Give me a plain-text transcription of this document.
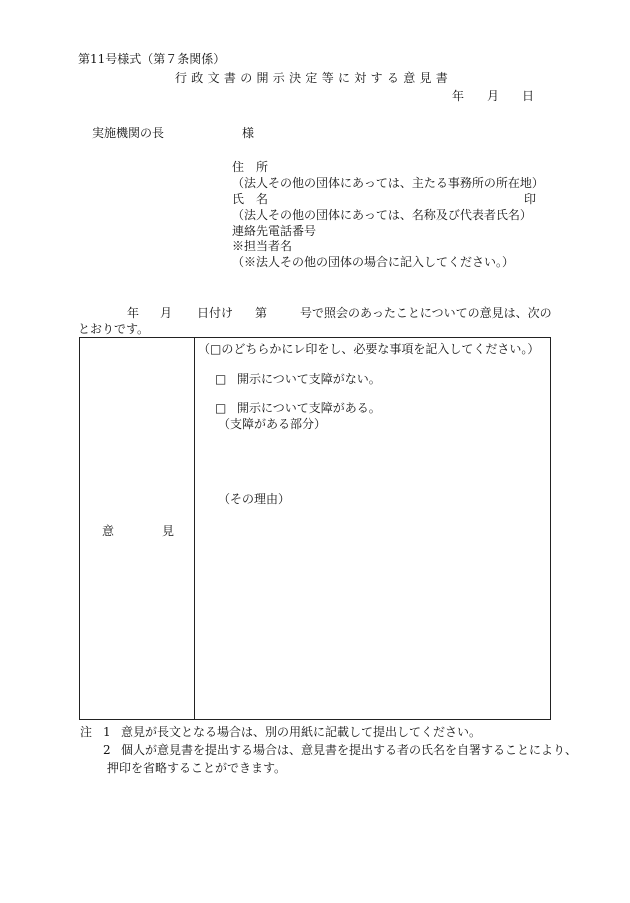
第11号様式（第７条関係）
行政文書の開示決定等に対する意見書
年 月 日
実施機関の長	様
住　所
（法人その他の団体にあっては、主たる事務所の所在地）
氏　名	印
（法人その他の団体にあっては、名称及び代表者氏名）
連絡先電話番号
※担当者名
（※法人その他の団体の場合に記入してください。）
年 月 日付け 第	号で照会のあったことについての意見は、次の
とおりです。
意	見
（□のどちらかにレ印をし、必要な事項を記入してください。）
□ 開示について支障がない。
□ 開示について支障がある。
（支障がある部分）
（その理由）
注 1 意見が長文となる場合は、別の用紙に記載して提出してください。
2 個人が意見書を提出する場合は、意見書を提出する者の氏名を自署することにより、
押印を省略することができます。
